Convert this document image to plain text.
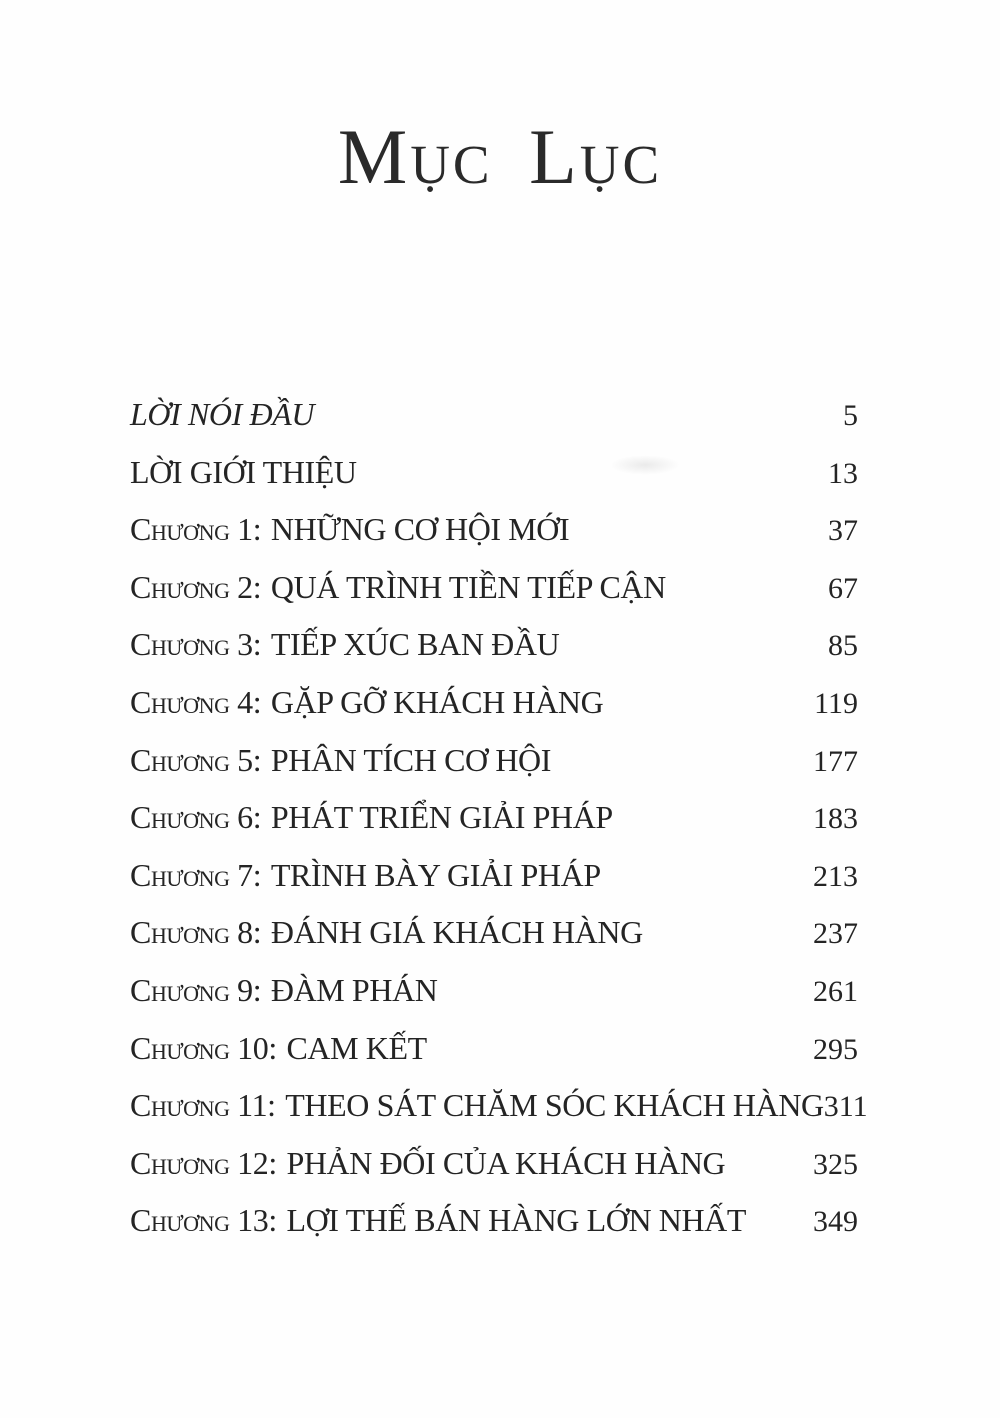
Mục Lục
LỜI NÓI ĐẦU	5
LỜI GIỚI THIỆU	13
Chương 1: NHỮNG CƠ HỘI MỚI	37
Chương 2: QUÁ TRÌNH TIỀN TIẾP CẬN	67
Chương 3: TIẾP XÚC BAN ĐẦU	85
Chương 4: GẶP GỠ KHÁCH HÀNG	119
Chương 5: PHÂN TÍCH CƠ HỘI	177
Chương 6: PHÁT TRIỂN GIẢI PHÁP	183
Chương 7: TRÌNH BÀY GIẢI PHÁP	213
Chương 8: ĐÁNH GIÁ KHÁCH HÀNG	237
Chương 9: ĐÀM PHÁN	261
Chương 10: CAM KẾT	295
Chương 11: THEO SÁT CHĂM SÓC KHÁCH HÀNG 311
Chương 12: PHẢN ĐỐI CỦA KHÁCH HÀNG	325
Chương 13: LỢI THẾ BÁN HÀNG LỚN NHẤT 349
